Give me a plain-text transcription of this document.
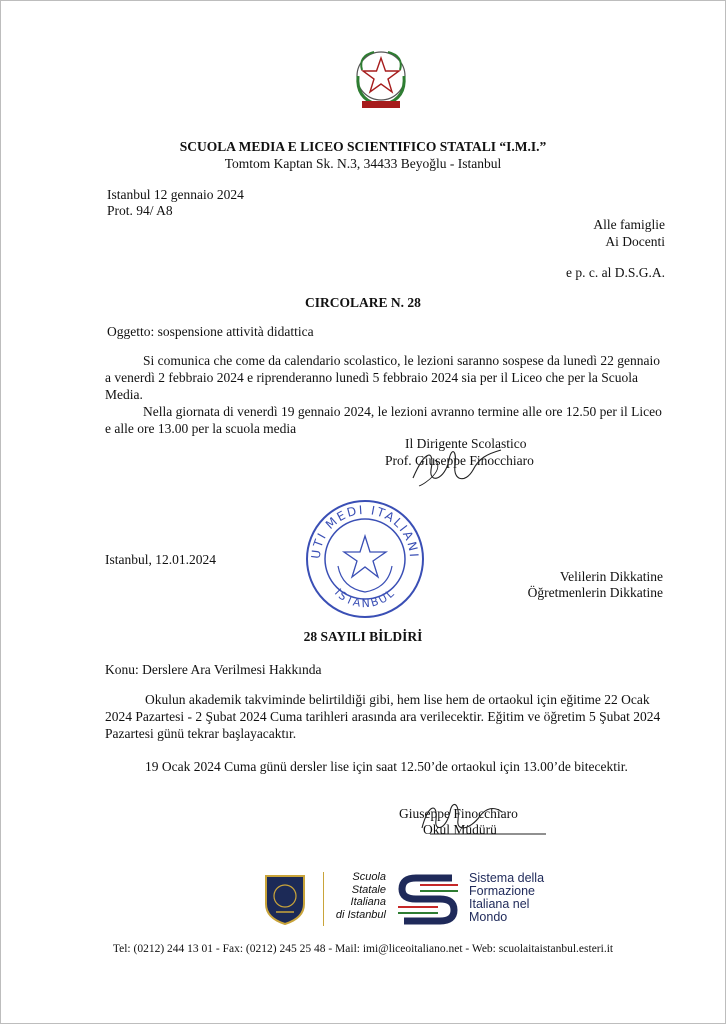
SCUOLA MEDIA E LICEO SCIENTIFICO STATALI “I.M.I.”
Tomtom Kaptan Sk. N.3, 34433 Beyoğlu - Istanbul
Istanbul 12 gennaio 2024
Prot. 94/ A8
Alle famiglie
Ai Docenti
e p. c. al D.S.G.A.
CIRCOLARE N. 28
Oggetto: sospensione attività didattica
Si comunica che come da calendario scolastico, le lezioni saranno sospese da lunedì 22 gennaio a venerdì 2 febbraio 2024 e riprenderanno lunedì 5 febbraio 2024 sia per il Liceo che per la Scuola Media.
Nella giornata di venerdì 19 gennaio 2024, le lezioni avranno termine alle ore 12.50 per il Liceo e alle ore 13.00 per la scuola media
Il Dirigente Scolastico
Prof. Giuseppe Finocchiaro
UTI MEDI ITALIANI
ISTANBUL
Istanbul, 12.01.2024
Velilerin Dikkatine
Öğretmenlerin Dikkatine
28 SAYILI BİLDİRİ
Konu: Derslere Ara Verilmesi Hakkında
Okulun akademik takviminde belirtildiği gibi, hem lise hem de ortaokul için eğitime 22 Ocak 2024 Pazartesi - 2 Şubat 2024 Cuma tarihleri arasında ara verilecektir. Eğitim ve öğretim 5 Şubat 2024 Pazartesi günü tekrar başlayacaktır.
19 Ocak 2024 Cuma günü dersler lise için saat 12.50’de ortaokul için 13.00’de bitecektir.
Giuseppe Finocchiaro
Okul Müdürü
Scuola
Statale
Italiana
di Istanbul
Sistema della
Formazione
Italiana nel
Mondo
Tel: (0212) 244 13 01 - Fax: (0212) 245 25 48 - Mail: imi@liceoitaliano.net - Web: scuolaitaistanbul.esteri.it
